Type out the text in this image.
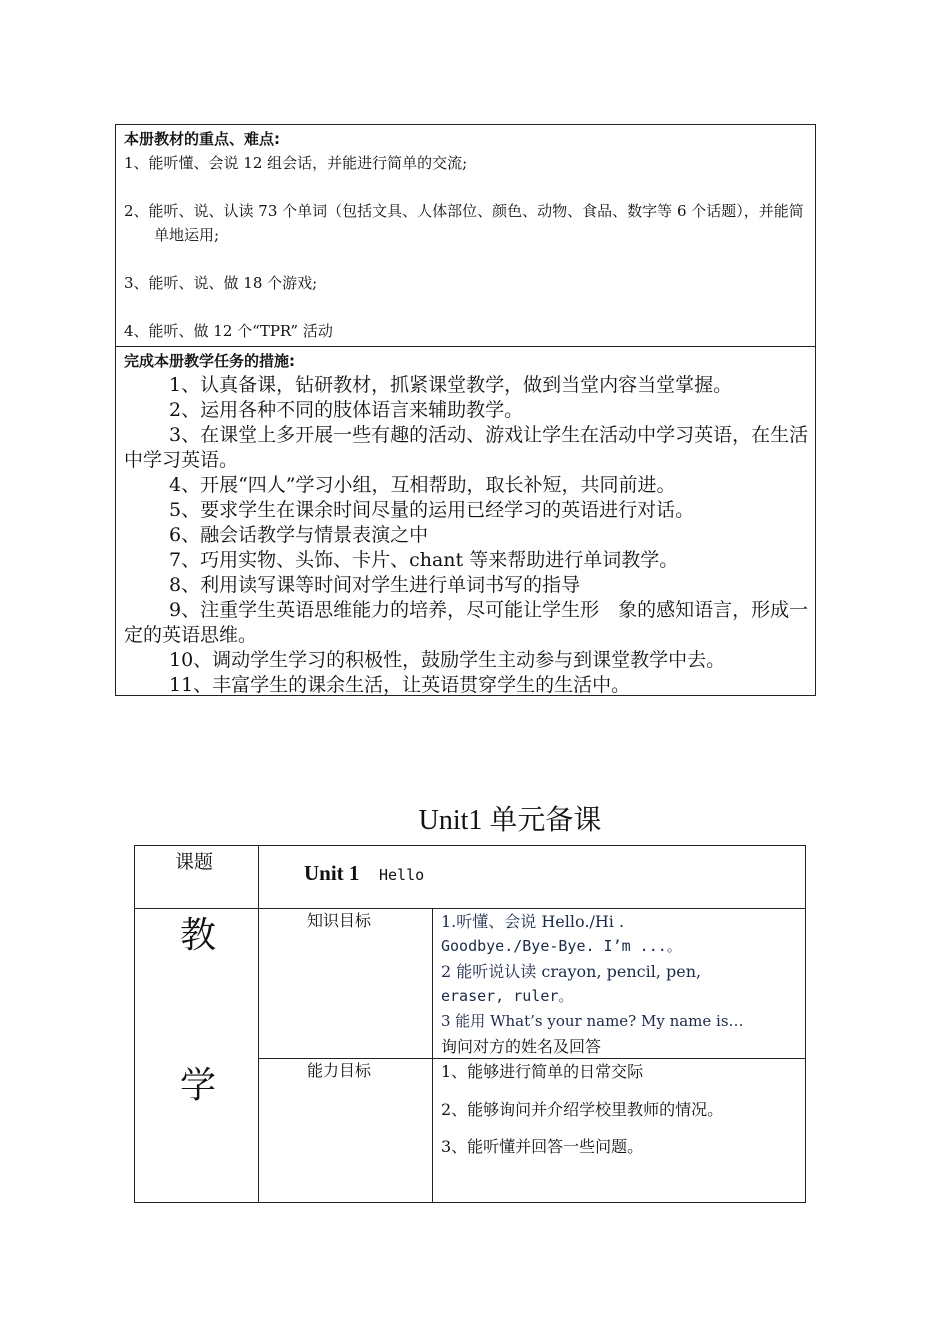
本册教材的重点、难点:
1、能听懂、会说 12 组会话，并能进行简单的交流;
2、能听、说、认读 73 个单词（包括文具、人体部位、颜色、动物、食品、数字等 6 个话题），并能简单地运用;
3、能听、说、做 18 个游戏;
4、能听、做 12 个“TPR” 活动
完成本册教学任务的措施:
1、认真备课，钻研教材，抓紧课堂教学，做到当堂内容当堂掌握。
2、运用各种不同的肢体语言来辅助教学。
3、在课堂上多开展一些有趣的活动、游戏让学生在活动中学习英语，在生活中学习英语。
4、开展“四人”学习小组，互相帮助，取长补短，共同前进。
5、要求学生在课余时间尽量的运用已经学习的英语进行对话。
6、融会话教学与情景表演之中
7、巧用实物、头饰、卡片、chant 等来帮助进行单词教学。
8、利用读写课等时间对学生进行单词书写的指导
9、注重学生英语思维能力的培养，尽可能让学生形　象的感知语言，形成一定的英语思维。
10、调动学生学习的积极性，鼓励学生主动参与到课堂教学中去。
11、丰富学生的课余生活，让英语贯穿学生的生活中。
Unit1 单元备课
课题	Unit 1 Hello
教
学
知识目标	1.听懂、会说 Hello./Hi .
Goodbye./Bye-Bye. I’m ...。
2 能听说认读 crayon, pencil, pen,
eraser, ruler。
3 能用 What’s your name? My name is…
询问对方的姓名及回答
能力目标	1、能够进行简单的日常交际
2、能够询问并介绍学校里教师的情况。
3、能听懂并回答一些问题。
